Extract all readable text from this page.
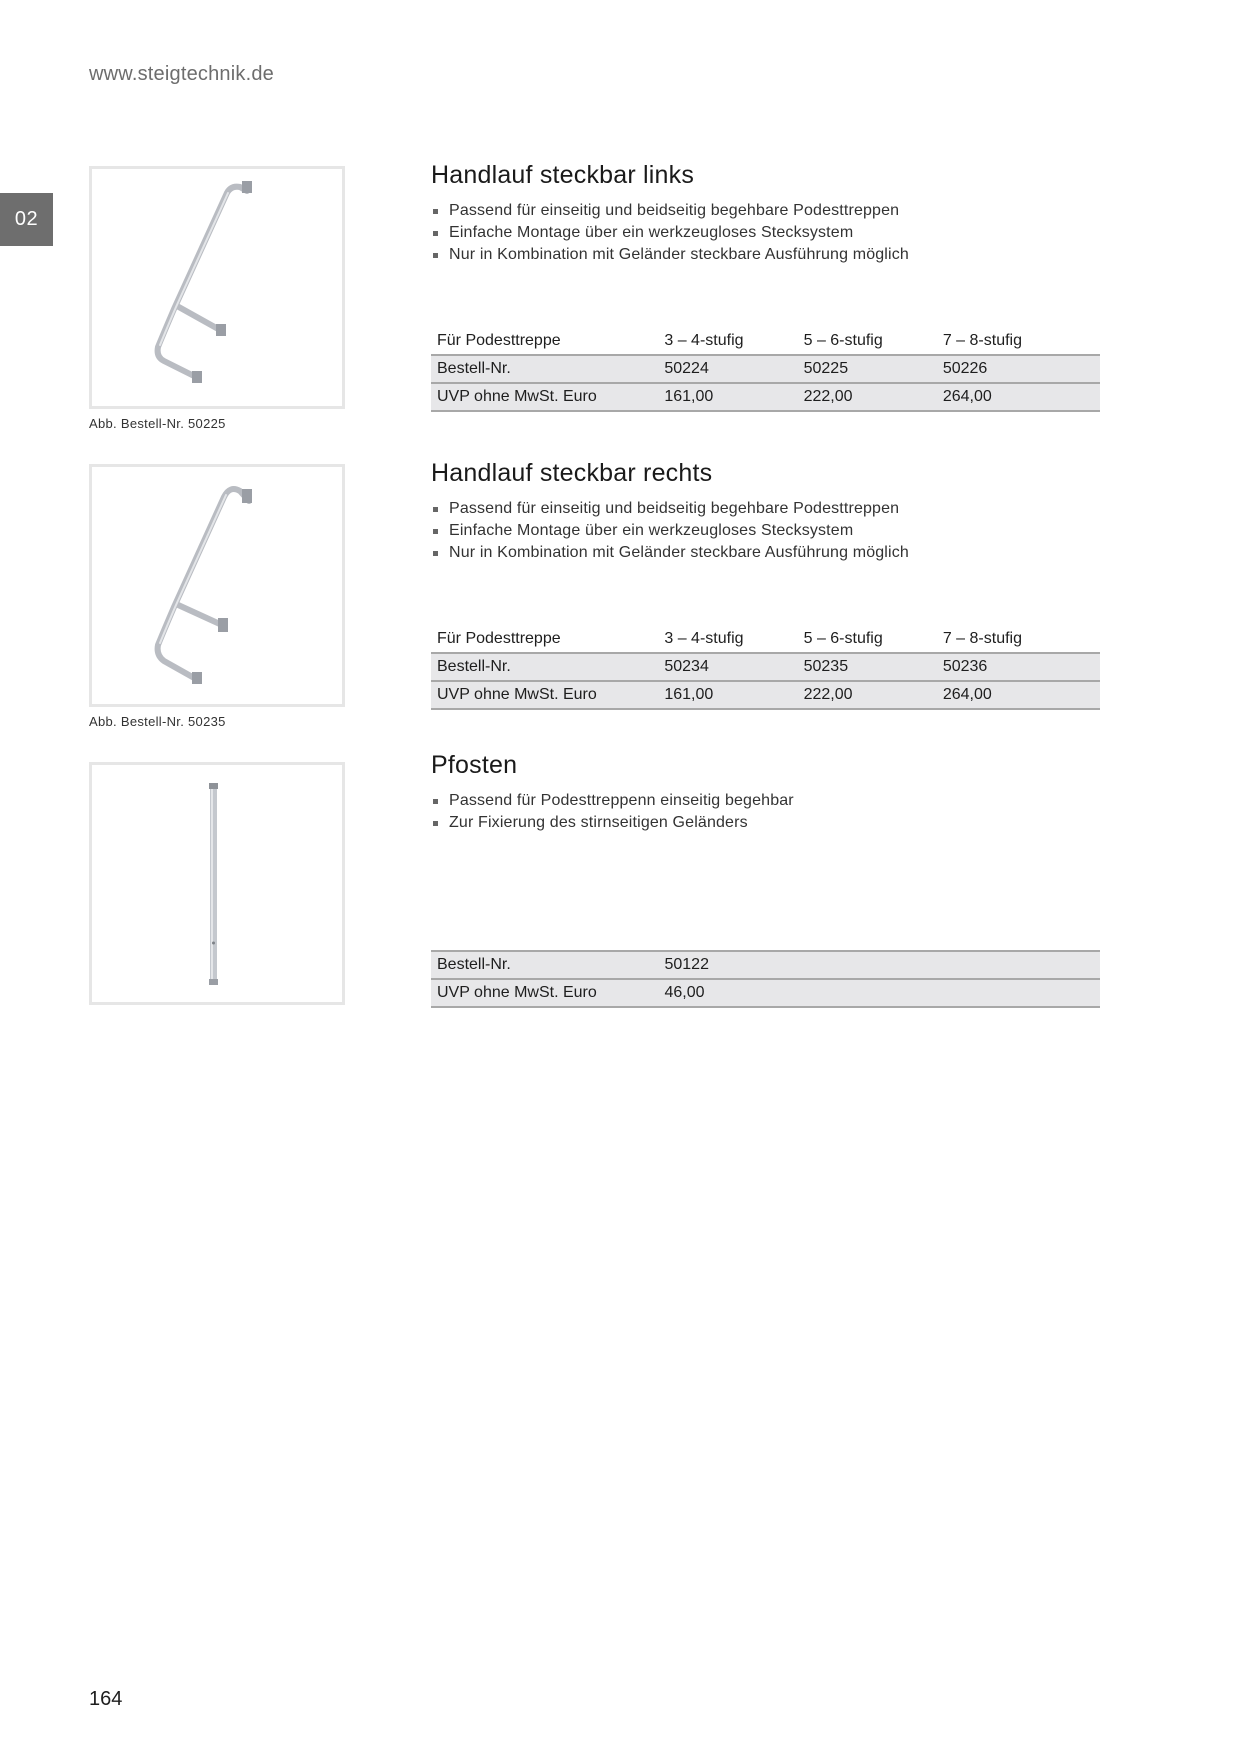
www.steigtechnik.de
02
Abb. Bestell-Nr. 50225
Handlauf steckbar links
Passend für einseitig und beidseitig begehbare Podesttreppen
Einfache Montage über ein werkzeugloses Stecksystem
Nur in Kombination mit Geländer steckbare Ausführung möglich
Für Podesttreppe	3 – 4-stufig	5 – 6-stufig	7 – 8-stufig
Bestell-Nr.	50224	50225	50226
UVP ohne MwSt. Euro	161,00	222,00	264,00
Abb. Bestell-Nr. 50235
Handlauf steckbar rechts
Passend für einseitig und beidseitig begehbare Podesttreppen
Einfache Montage über ein werkzeugloses Stecksystem
Nur in Kombination mit Geländer steckbare Ausführung möglich
Für Podesttreppe	3 – 4-stufig	5 – 6-stufig	7 – 8-stufig
Bestell-Nr.	50234	50235	50236
UVP ohne MwSt. Euro	161,00	222,00	264,00
Pfosten
Passend für Podesttreppenn einseitig begehbar
Zur Fixierung des stirnseitigen Geländers
Bestell-Nr.	50122		
UVP ohne MwSt. Euro	46,00		
164
